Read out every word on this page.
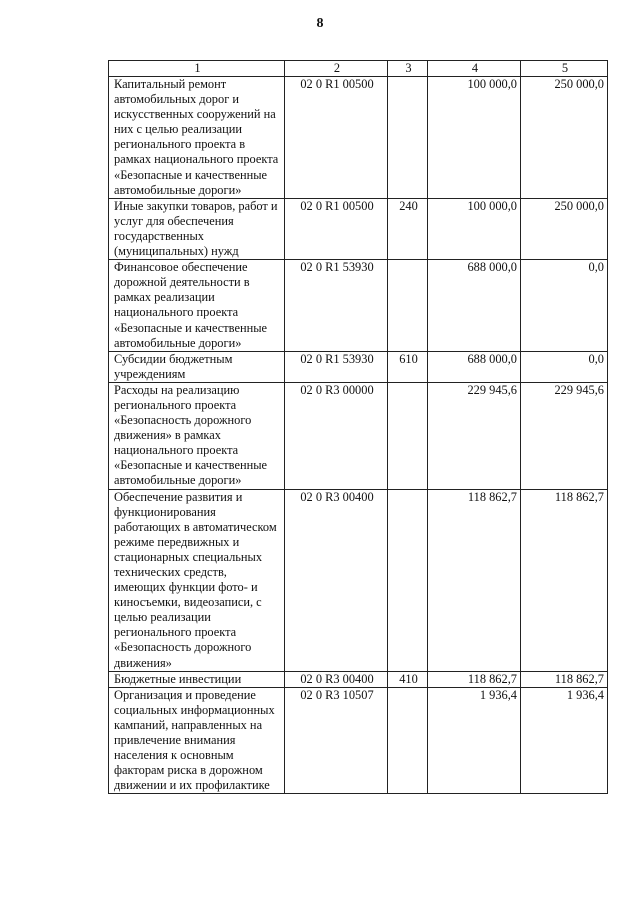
8
1	2	3	4	5
Капитальный ремонт автомобильных дорог и искусственных сооружений на них с целью реализации регионального проекта в рамках национального проекта «Безопасные и качественные автомобильные дороги»	02 0 R1 00500		100 000,0	250 000,0
Иные закупки товаров, работ и услуг для обеспечения государственных (муниципальных) нужд	02 0 R1 00500	240	100 000,0	250 000,0
Финансовое обеспечение дорожной деятельности в рамках реализации национального проекта «Безопасные и качественные автомобильные дороги»	02 0 R1 53930		688 000,0	0,0
Субсидии бюджетным учреждениям	02 0 R1 53930	610	688 000,0	0,0
Расходы на реализацию регионального проекта «Безопасность дорожного движения» в рамках национального проекта «Безопасные и качественные автомобильные дороги»	02 0 R3 00000		229 945,6	229 945,6
Обеспечение развития и функционирования работающих в автоматическом режиме передвижных и стационарных специальных технических средств, имеющих функции фото- и киносъемки, видеозаписи, с целью реализации регионального проекта «Безопасность дорожного движения»	02 0 R3 00400		118 862,7	118 862,7
Бюджетные инвестиции	02 0 R3 00400	410	118 862,7	118 862,7
Организация и проведение социальных информационных кампаний, направленных на привлечение внимания населения к основным факторам риска в дорожном движении и их профилактике	02 0 R3 10507		1 936,4	1 936,4
